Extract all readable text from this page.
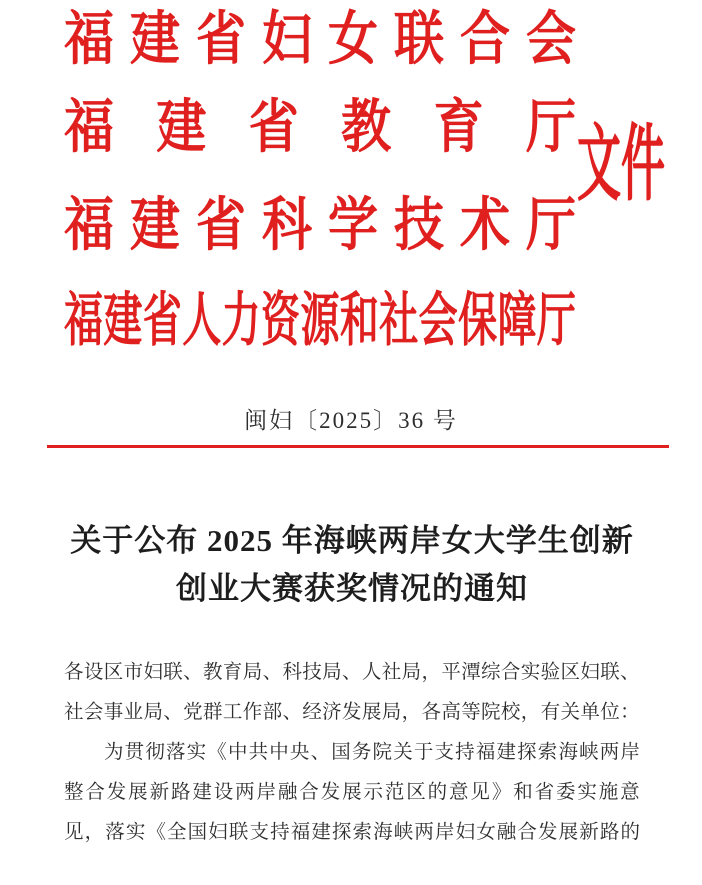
福 建 省 妇 女 联 合 会
福 建 省 教 育 厅
福 建 省 科 学 技 术 厅
福 建 省 人 力 资 源 和 社 会 保 障 厅
文件
闽妇〔2025〕36 号
关于公布 2025 年海峡两岸女大学生创新
创业大赛获奖情况的通知
各 设 区 市 妇 联 、 教 育 局 、 科 技 局 、 人 社 局 ， 平 潭 综 合 实 验 区 妇 联 、
社 会 事 业 局 、 党 群 工 作 部 、 经 济 发 展 局 ， 各 高 等 院 校 ， 有 关 单 位 ：
为 贯 彻 落 实 《 中 共 中 央 、 国 务 院 关 于 支 持 福 建 探 索 海 峡 两 岸
整 合 发 展 新 路 建 设 两 岸 融 合 发 展 示 范 区 的 意 见 》 和 省 委 实 施 意
见 ， 落 实 《 全 国 妇 联 支 持 福 建 探 索 海 峡 两 岸 妇 女 融 合 发 展 新 路 的
